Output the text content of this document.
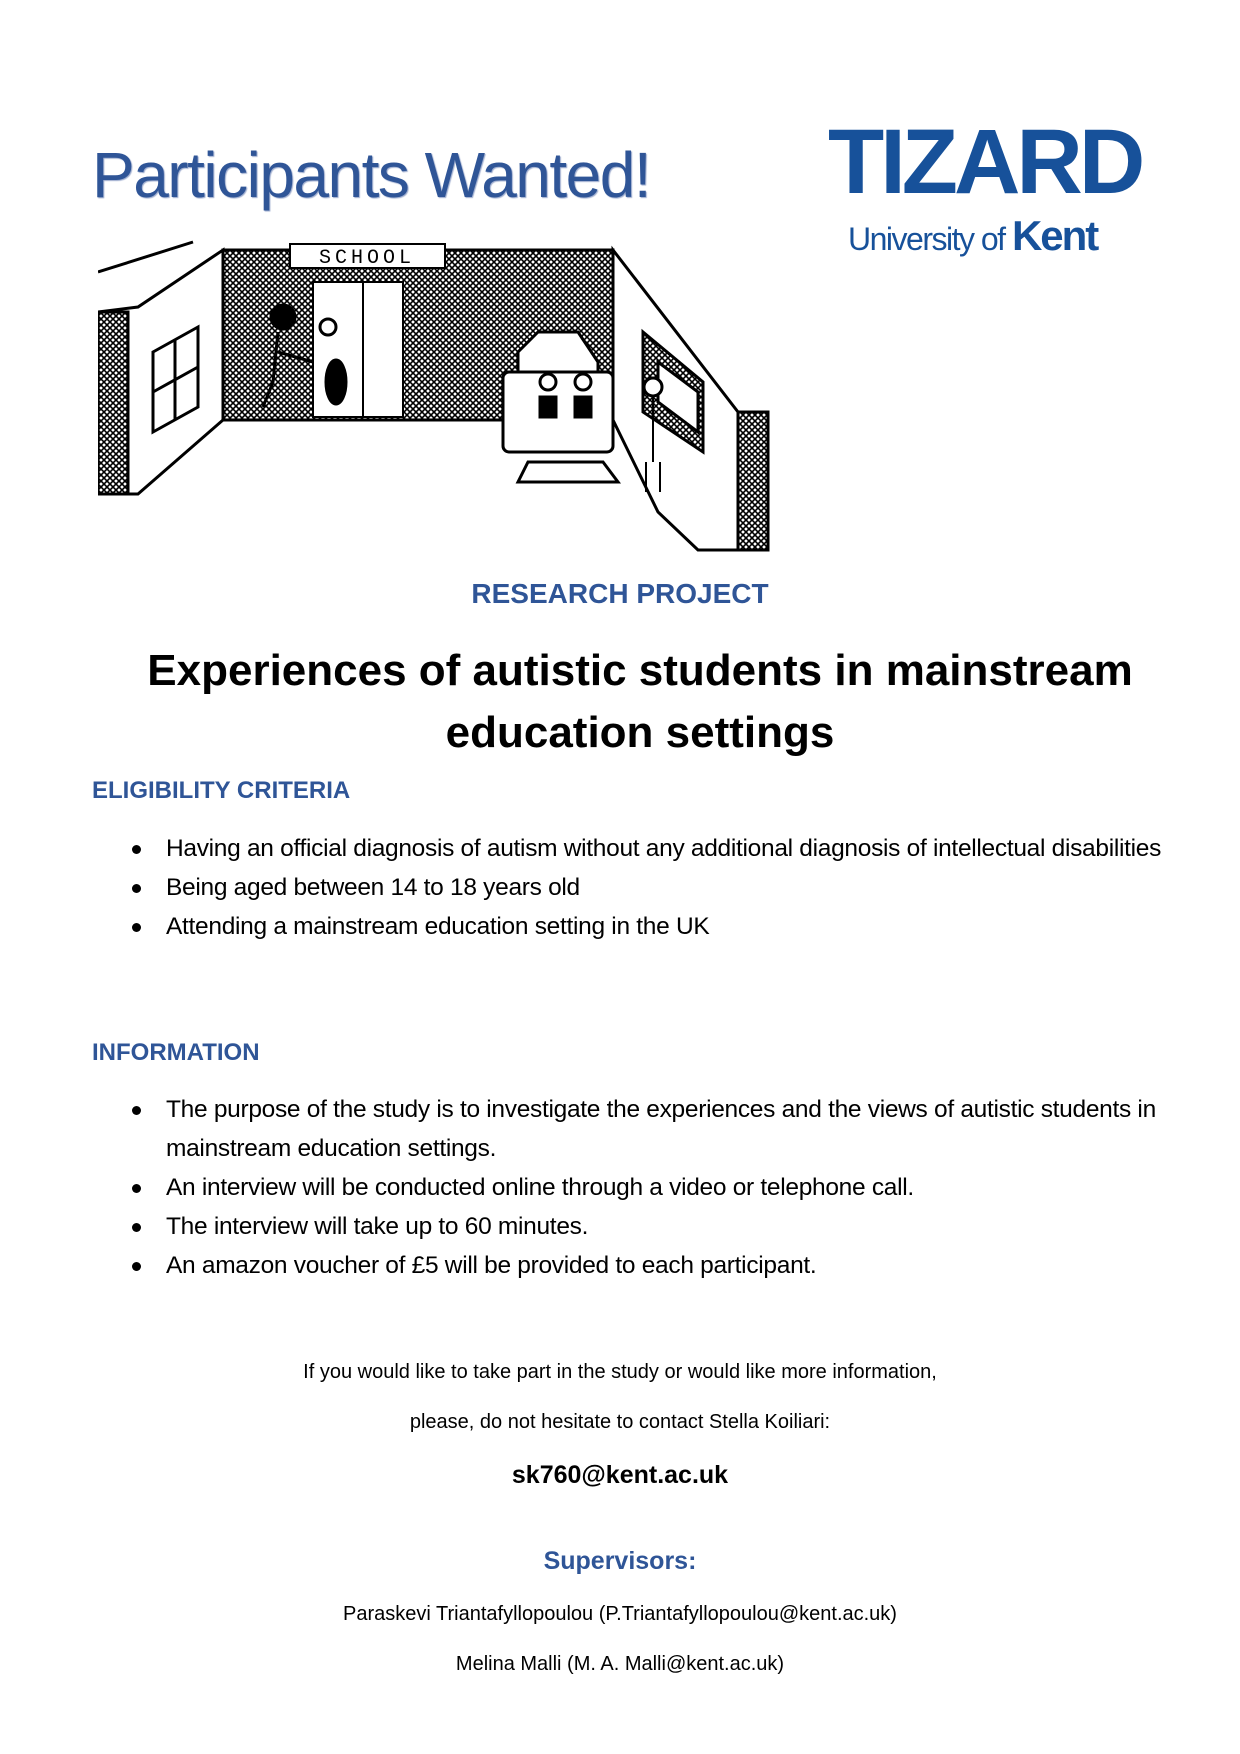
Participants Wanted! TIZARD
University of Kent
SCHOOL
RESEARCH PROJECT
Experiences of autistic students in mainstream education settings
ELIGIBILITY CRITERIA
Having an official diagnosis of autism without any additional diagnosis of intellectual disabilities
Being aged between 14 to 18 years old
Attending a mainstream education setting in the UK
INFORMATION
The purpose of the study is to investigate the experiences and the views of autistic students in mainstream education settings.
An interview will be conducted online through a video or telephone call.
The interview will take up to 60 minutes.
An amazon voucher of £5 will be provided to each participant.
If you would like to take part in the study or would like more information,
please, do not hesitate to contact Stella Koiliari:
sk760@kent.ac.uk
Supervisors:
Paraskevi Triantafyllopoulou (P.Triantafyllopoulou@kent.ac.uk)
Melina Malli (M. A. Malli@kent.ac.uk)
